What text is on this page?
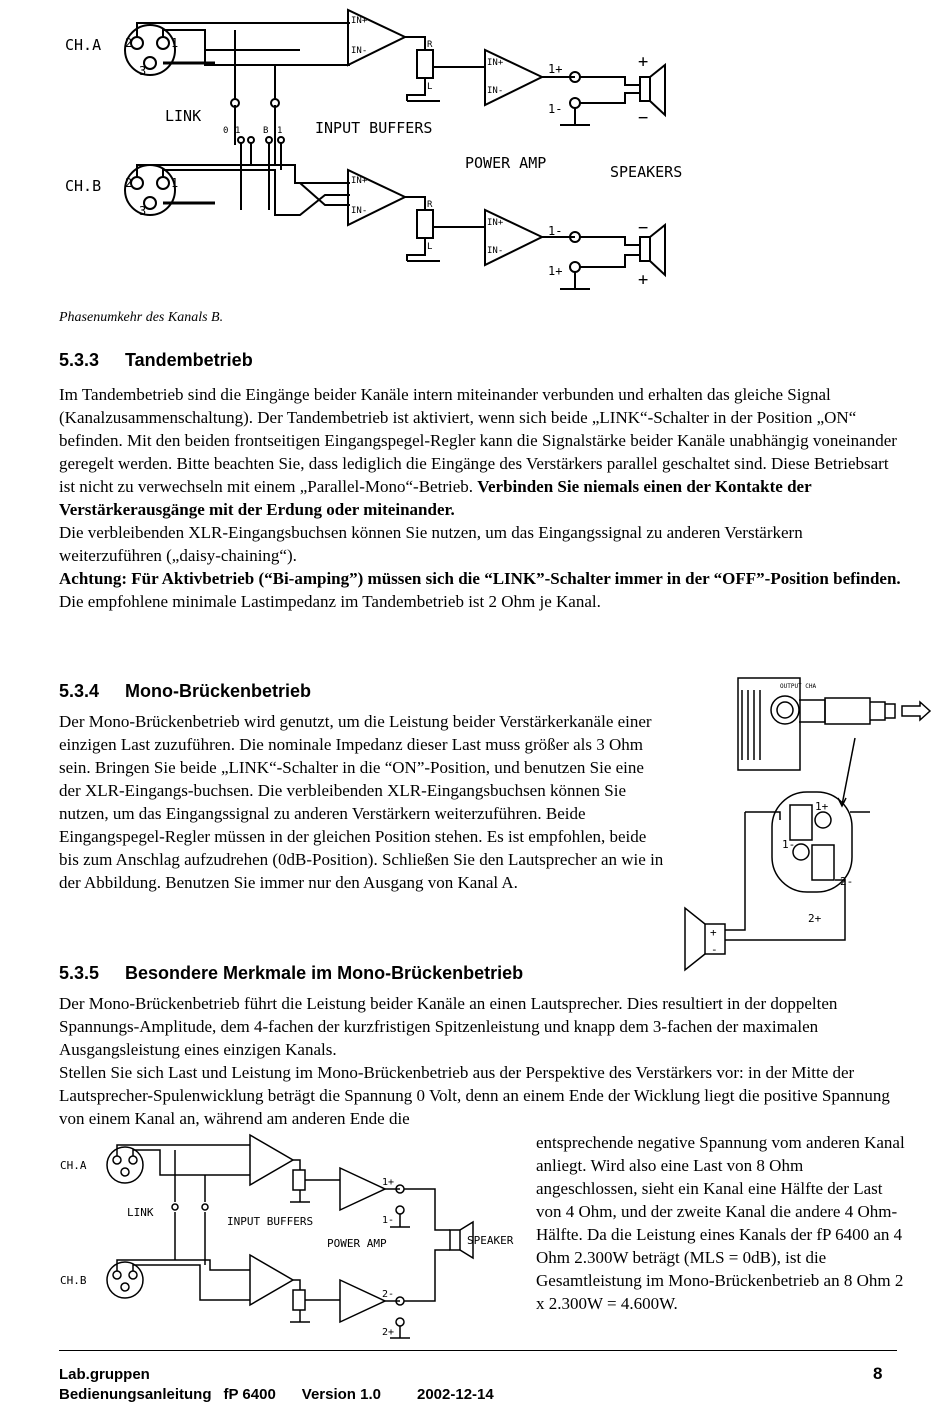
CH.A
CH.B
LINK
INPUT BUFFERS
POWER AMP	SPEAKERS
+
−
−
+
IN+
IN-
IN+
IN-
IN+
IN-
IN+
IN-
R
L
R
L
0 1	B 1
2	1
3
2	1
3
1+
1-
1-
1+
Phasenumkehr des Kanals B.
5.3.3 Tandembetrieb

Im Tandembetrieb sind die Eingänge beider Kanäle intern miteinander verbunden und erhalten das gleiche Signal (Kanalzusammenschaltung). Der Tandembetrieb ist aktiviert, wenn sich beide „LINK“-Schalter in der Position „ON“ befinden. Mit den beiden frontseitigen Eingangspegel-Regler kann die Signalstärke beider Kanäle unabhängig voneinander geregelt werden. Bitte beachten Sie, dass lediglich die Eingänge des Verstärkers parallel geschaltet sind. Diese Betriebsart ist nicht zu verwechseln mit einem „Parallel-Mono“-Betrieb. Verbinden Sie niemals einen der Kontakte der Verstärkerausgänge mit der Erdung oder miteinander.

Die verbleibenden XLR-Eingangsbuchsen können Sie nutzen, um das Eingangssignal zu anderen Verstärkern weiterzuführen („daisy-chaining“).

Achtung: Für Aktivbetrieb (“Bi-amping”) müssen sich die “LINK”-Schalter immer in der “OFF”-Position befinden.

Die empfohlene minimale Lastimpedanz im Tandembetrieb ist 2 Ohm je Kanal.

5.3.4 Mono-Brückenbetrieb

Der Mono-Brückenbetrieb wird genutzt, um die Leistung beider Verstärkerkanäle einer einzigen Last zuzuführen. Die nominale Impedanz dieser Last muss größer als 3 Ohm sein. Bringen Sie beide „LINK“-Schalter in die “ON”-Position, und benutzen Sie eine der XLR-Eingangs-buchsen. Die verbleibenden XLR-Eingangsbuchsen können Sie nutzen, um das Eingangssignal zu anderen Verstärkern weiterzuführen. Beide Eingangspegel-Regler müssen in der gleichen Position stehen. Es ist empfohlen, beide bis zum Anschlag aufzudrehen (0dB-Position). Schließen Sie den Lautsprecher an wie in der Abbildung. Benutzen Sie immer nur den Ausgang von Kanal A.

OUTPUT CHA
1+
1-
2-
2+
+
-
5.3.5 Besondere Merkmale im Mono-Brückenbetrieb

Der Mono-Brückenbetrieb führt die Leistung beider Kanäle an einen Lautsprecher. Dies resultiert in der doppelten Spannungs-Amplitude, dem 4-fachen der kurzfristigen Spitzenleistung und knapp dem 3-fachen der maximalen Ausgangsleistung eines einzigen Kanals.

Stellen Sie sich Last und Leistung im Mono-Brückenbetrieb aus der Perspektive des Verstärkers vor: in der Mitte der Lautsprecher-Spulenwicklung beträgt die Spannung 0 Volt, denn an einem Ende der Wicklung liegt die positive Spannung von einem Kanal an, während am anderen Ende die

entsprechende negative Spannung vom anderen Kanal anliegt. Wird also eine Last von 8 Ohm angeschlossen, sieht ein Kanal eine Hälfte der Last von 4 Ohm, und der zweite Kanal die andere 4 Ohm-Hälfte. Da die Leistung eines Kanals der fP 6400 an 4 Ohm 2.300W beträgt (MLS = 0dB), ist die Gesamtleistung im Mono-Brückenbetrieb an 8 Ohm 2 x 2.300W = 4.600W.

CH.A
CH.B
LINK
INPUT BUFFERS
POWER AMP	SPEAKER
1+
1-
2-
2+
Lab.gruppen
Bedienungsanleitung fP 6400 Version 1.0 2002-12-14
8
